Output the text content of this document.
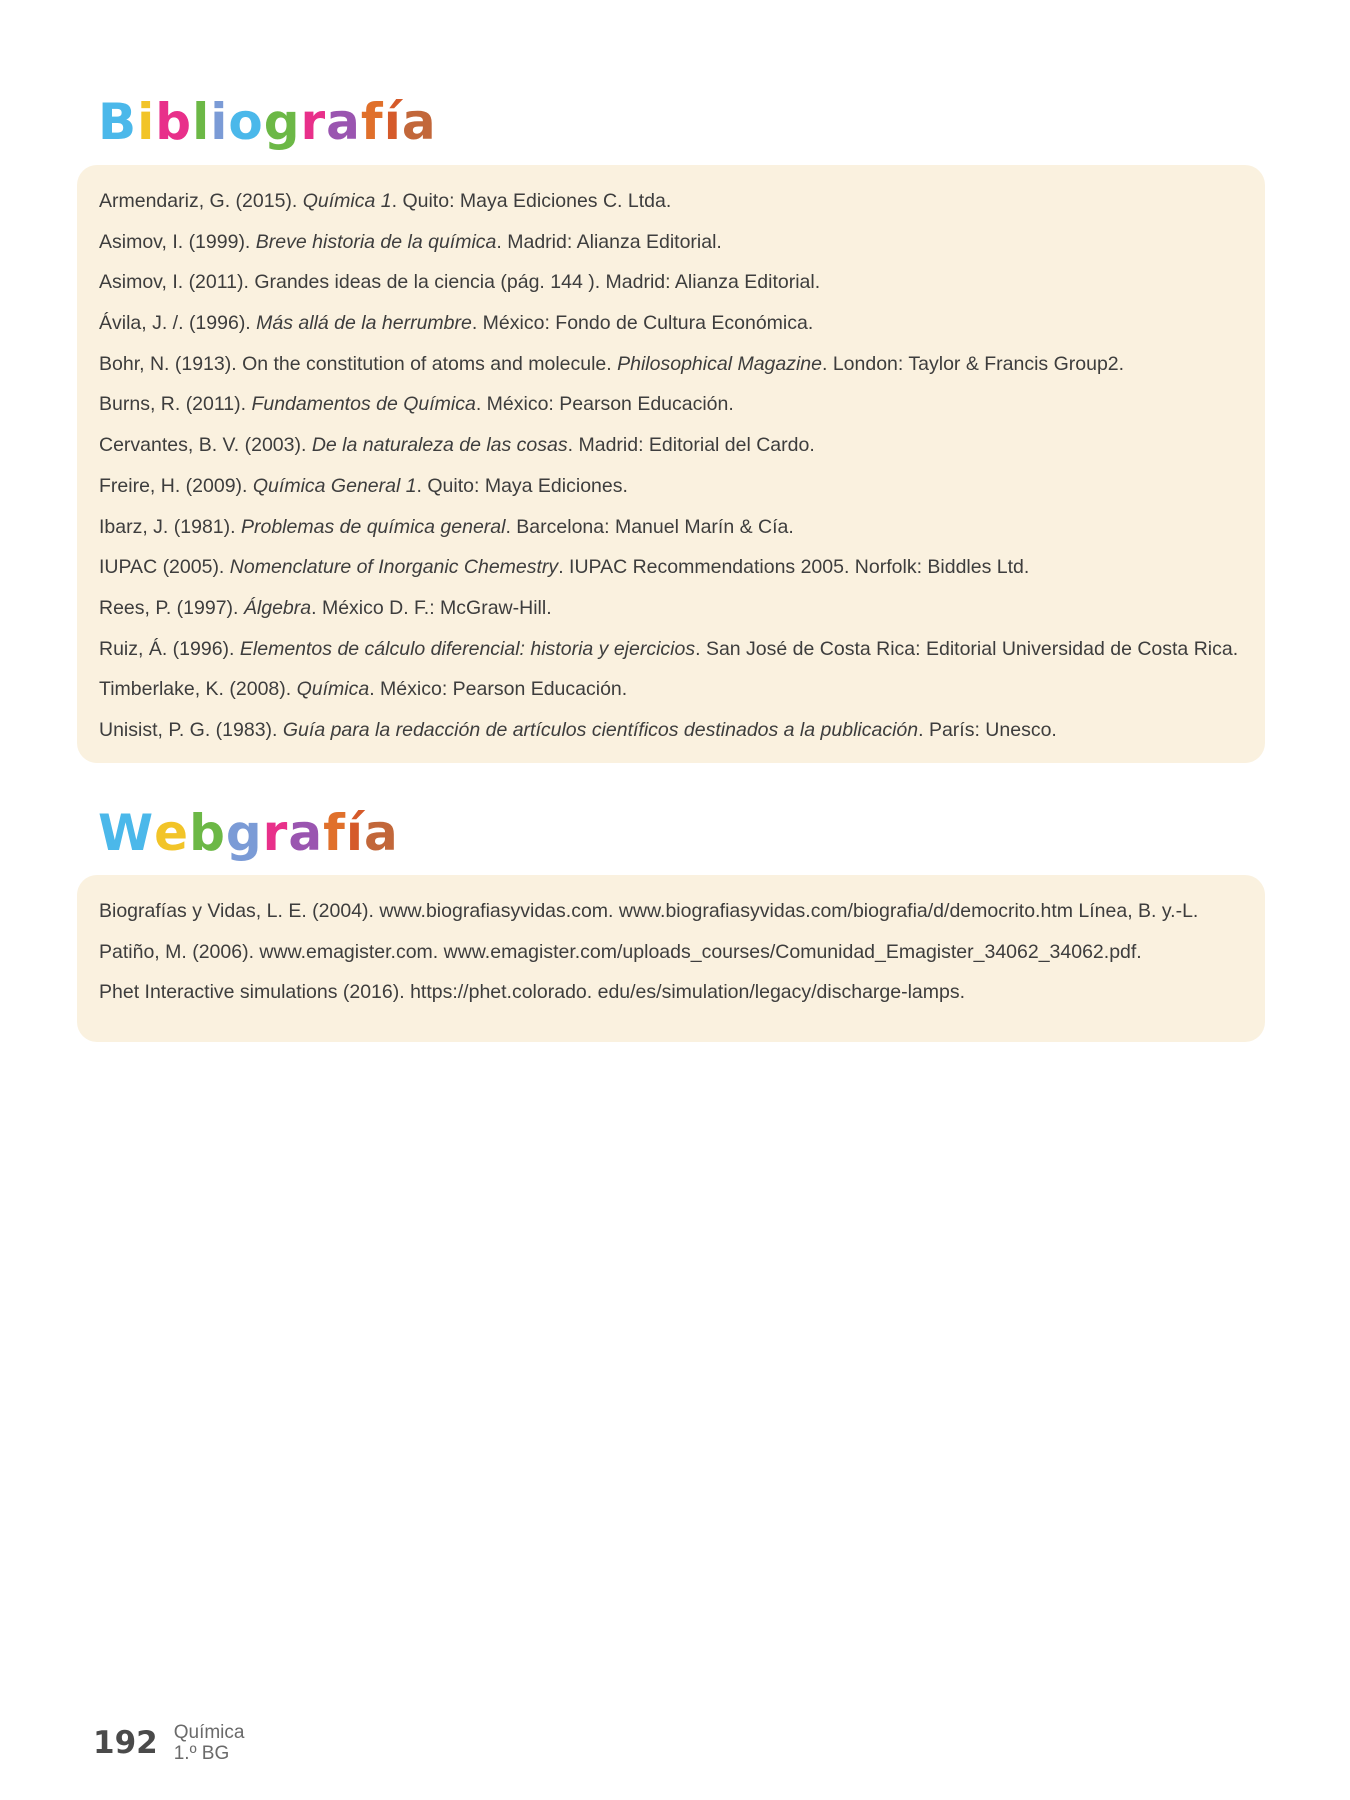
Bibliografía

Armendariz, G. (2015). Química 1. Quito: Maya Ediciones C. Ltda.

Asimov, I. (1999). Breve historia de la química. Madrid: Alianza Editorial.

Asimov, I. (2011). Grandes ideas de la ciencia (pág. 144 ). Madrid: Alianza Editorial.

Ávila, J. /. (1996). Más allá de la herrumbre. México: Fondo de Cultura Económica.

Bohr, N. (1913). On the constitution of atoms and molecule. Philosophical Magazine. London: Taylor & Francis Group2.

Burns, R. (2011). Fundamentos de Química. México: Pearson Educación.

Cervantes, B. V. (2003). De la naturaleza de las cosas. Madrid: Editorial del Cardo.

Freire, H. (2009). Química General 1. Quito: Maya Ediciones.

Ibarz, J. (1981). Problemas de química general. Barcelona: Manuel Marín & Cía.

IUPAC (2005). Nomenclature of Inorganic Chemestry. IUPAC Recommendations 2005. Norfolk: Biddles Ltd.

Rees, P. (1997). Álgebra. México D. F.: McGraw-Hill.

Ruiz, Á. (1996). Elementos de cálculo diferencial: historia y ejercicios. San José de Costa Rica: Editorial Universidad de Costa Rica.

Timberlake, K. (2008). Química. México: Pearson Educación.

Unisist, P. G. (1983). Guía para la redacción de artículos científicos destinados a la publicación. París: Unesco.

Webgrafía

Biografías y Vidas, L. E. (2004). www.biografiasyvidas.com. www.biografiasyvidas.com/biografia/d/democrito.htm Línea, B. y.-L.

Patiño, M. (2006). www.emagister.com. www.emagister.com/uploads_courses/Comunidad_Emagister_34062_34062.pdf.

Phet Interactive simulations (2016). https://phet.colorado. edu/es/simulation/legacy/discharge-lamps.

192 Química
1.º BG
